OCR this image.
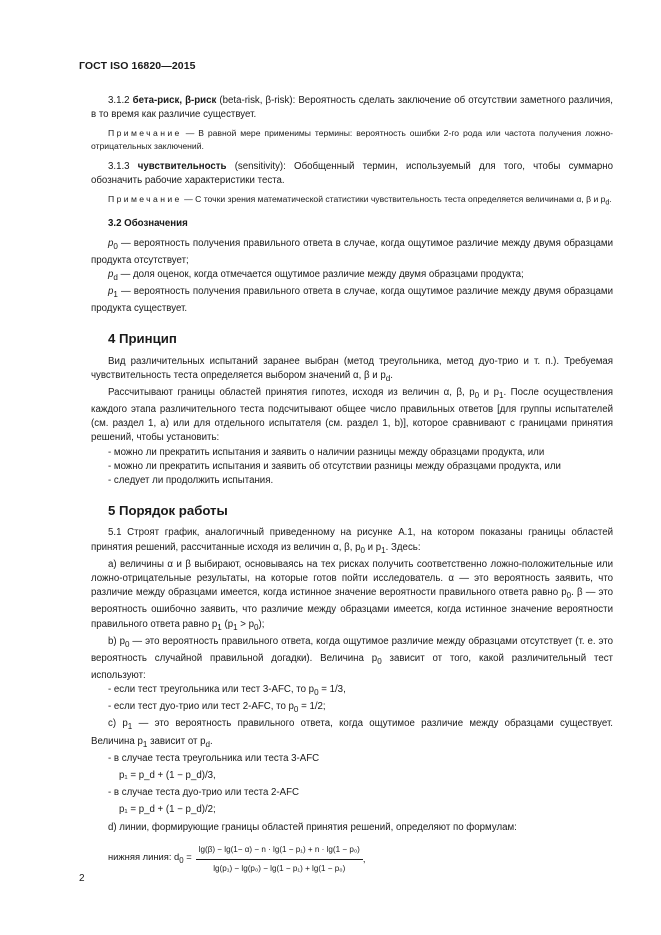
ГОСТ ISO 16820—2015

3.1.2 бета-риск, β-риск (beta-risk, β-risk): Вероятность сделать заключение об отсутствии заметного различия, в то время как различие существует.

Примечание — В равной мере применимы термины: вероятность ошибки 2-го рода или частота получения ложно-отрицательных заключений.

3.1.3 чувствительность (sensitivity): Обобщенный термин, используемый для того, чтобы суммарно обозначить рабочие характеристики теста.

Примечание — С точки зрения математической статистики чувствительность теста определяется величинами α, β и $p_d$.

3.2 Обозначения

$p_0$ — вероятность получения правильного ответа в случае, когда ощутимое различие между двумя образцами продукта отсутствует;

$p_d$ — доля оценок, когда отмечается ощутимое различие между двумя образцами продукта;

$p_1$ — вероятность получения правильного ответа в случае, когда ощутимое различие между двумя образцами продукта существует.

4 Принцип

Вид различительных испытаний заранее выбран (метод треугольника, метод дуо-трио и т. п.). Требуемая чувствительность теста определяется выбором значений α, β и $p_d$.

Рассчитывают границы областей принятия гипотез, исходя из величин α, β, $p_0$ и $p_1$. После осуществления каждого этапа различительного теста подсчитывают общее число правильных ответов [для группы испытателей (см. раздел 1, a) или для отдельного испытателя (см. раздел 1, b)], которое сравнивают с границами принятия решений, чтобы установить:

- можно ли прекратить испытания и заявить о наличии разницы между образцами продукта, или

- можно ли прекратить испытания и заявить об отсутствии разницы между образцами продукта, или

- следует ли продолжить испытания.

5 Порядок работы

5.1 Строят график, аналогичный приведенному на рисунке А.1, на котором показаны границы областей принятия решений, рассчитанные исходя из величин α, β, $p_0$ и $p_1$. Здесь:

a) величины α и β выбирают, основываясь на тех рисках получить соответственно ложно-положительные или ложно-отрицательные результаты, на которые готов пойти исследователь. α — это вероятность заявить, что различие между образцами имеется, когда истинное значение вероятности правильного ответа равно $p_0$. β — это вероятность ошибочно заявить, что различие между образцами имеется, когда истинное значение вероятности правильного ответа равно $p_1$ $(p_1 > p_0)$;

b) $p_0$ — это вероятность правильного ответа, когда ощутимое различие между образцами отсутствует (т. е. это вероятность случайной правильной догадки). Величина $p_0$ зависит от того, какой различительный тест используют:

- если тест треугольника или тест 3-AFC, то $p_0 = 1/3$,

- если тест дуо-трио или тест 2-AFC, то $p_0 = 1/2$;

c) $p_1$ — это вероятность правильного ответа, когда ощутимое различие между образцами существует. Величина $p_1$ зависит от $p_d$.

- в случае теста треугольника или теста 3-AFC

p₁ = p_d + (1 − p_d)/3,

- в случае теста дуо-трио или теста 2-AFC

p₁ = p_d + (1 − p_d)/2;

d) линии, формирующие границы областей принятия решений, определяют по формулам:

нижняя линия: $d_0 = \frac{\text{lg(β) − lg(1− α) − n · lg(1 − p₁) + n · lg(1 − p₀)}}{\text{lg(p₁) − lg(p₀) − lg(1 − p₁) + lg(1 − p₀)}}$ ,
2
